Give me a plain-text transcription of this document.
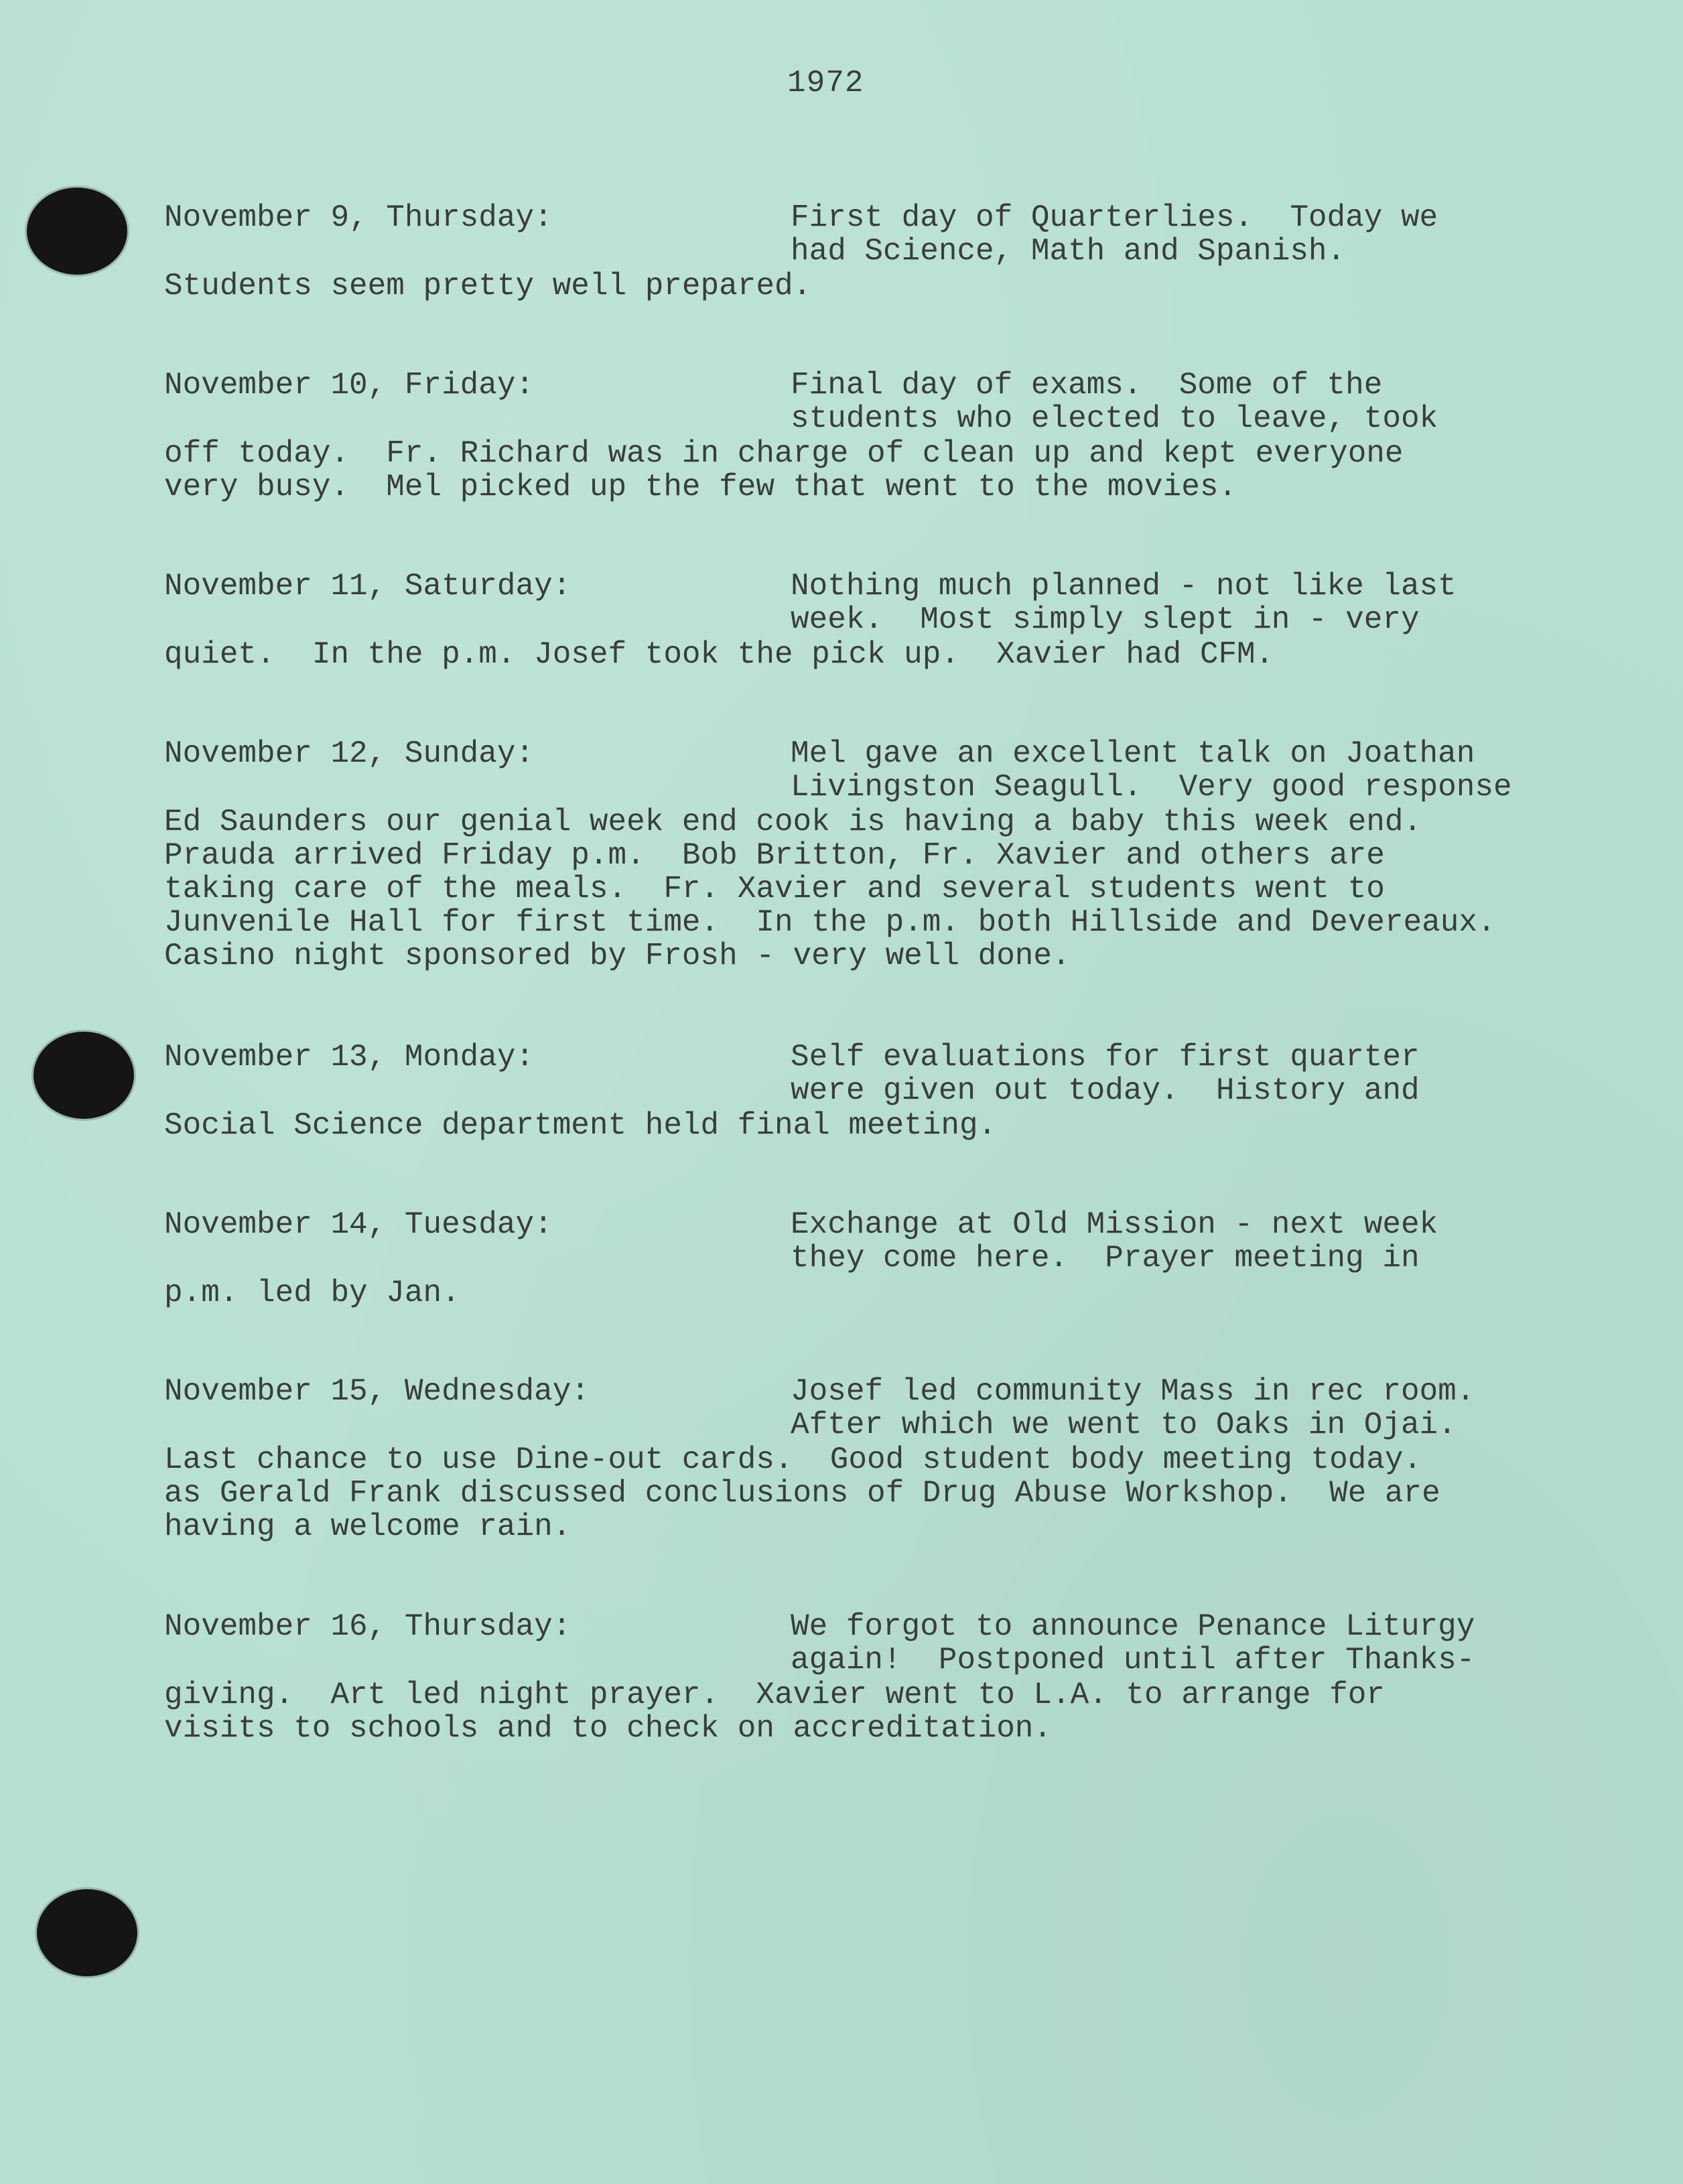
1972
November 9, Thursday:	First day of Quarterlies.  Today we
had Science, Math and Spanish.
Students seem pretty well prepared.
November 10, Friday:	Final day of exams.  Some of the
students who elected to leave, took
off today.  Fr. Richard was in charge of clean up and kept everyone
very busy.  Mel picked up the few that went to the movies.
November 11, Saturday:	Nothing much planned - not like last
week.  Most simply slept in - very
quiet.  In the p.m. Josef took the pick up.  Xavier had CFM.
November 12, Sunday:	Mel gave an excellent talk on Joathan
Livingston Seagull.  Very good response
Ed Saunders our genial week end cook is having a baby this week end.
Prauda arrived Friday p.m.  Bob Britton, Fr. Xavier and others are
taking care of the meals.  Fr. Xavier and several students went to
Junvenile Hall for first time.  In the p.m. both Hillside and Devereaux.
Casino night sponsored by Frosh - very well done.
November 13, Monday:	Self evaluations for first quarter
were given out today.  History and
Social Science department held final meeting.
November 14, Tuesday:	Exchange at Old Mission - next week
they come here.  Prayer meeting in
p.m. led by Jan.
November 15, Wednesday:	Josef led community Mass in rec room.
After which we went to Oaks in Ojai.
Last chance to use Dine-out cards.  Good student body meeting today.
as Gerald Frank discussed conclusions of Drug Abuse Workshop.  We are
having a welcome rain.
November 16, Thursday:	We forgot to announce Penance Liturgy
again!  Postponed until after Thanks-
giving.  Art led night prayer.  Xavier went to L.A. to arrange for
visits to schools and to check on accreditation.
